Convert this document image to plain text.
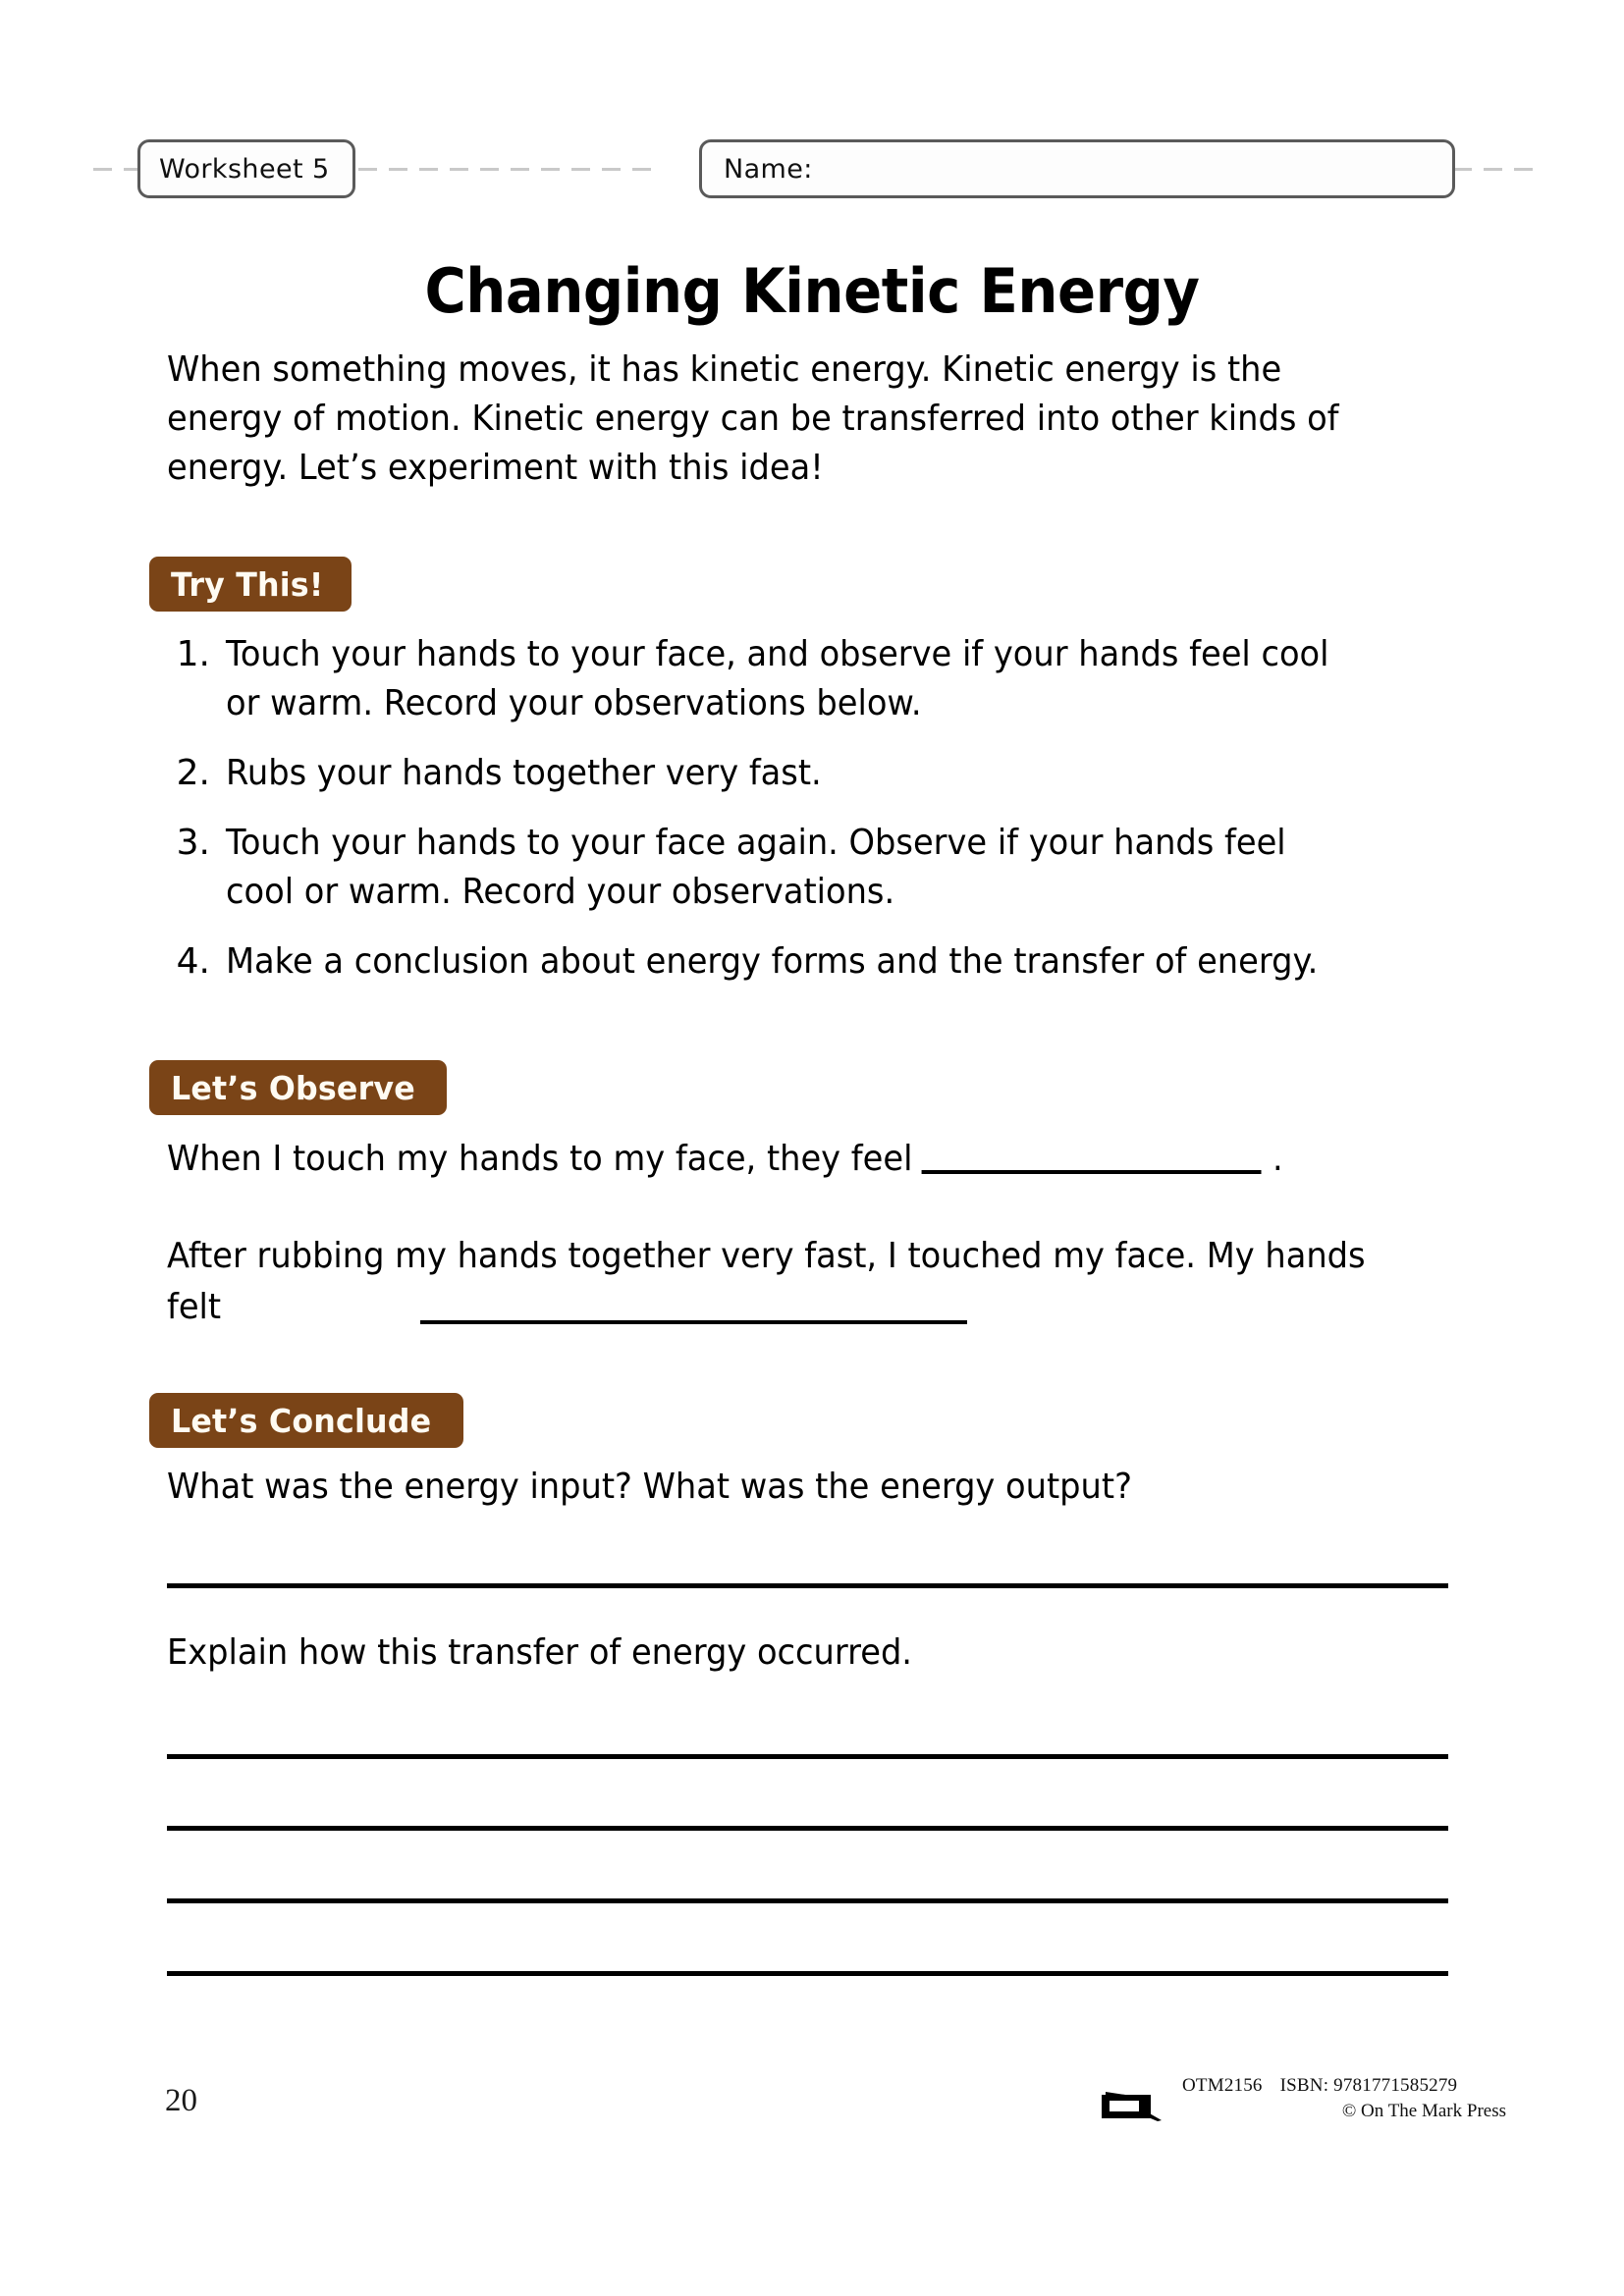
Worksheet 5	Name:
Changing Kinetic Energy
When something moves, it has kinetic energy. Kinetic energy is the energy of motion. Kinetic energy can be transferred into other kinds of energy. Let’s experiment with this idea!
Try This!
1. Touch your hands to your face, and observe if your hands feel cool or warm. Record your observations below.
2. Rubs your hands together very fast.
3. Touch your hands to your face again. Observe if your hands feel cool or warm. Record your observations.
4. Make a conclusion about energy forms and the transfer of energy.
Let’s Observe
When I touch my hands to my face, they feel	.
After rubbing my hands together very fast, I touched my face. My hands felt
Let’s Conclude
What was the energy input? What was the energy output?
Explain how this transfer of energy occurred.
20	OTM2156 ISBN: 9781771585279
© On The Mark Press
